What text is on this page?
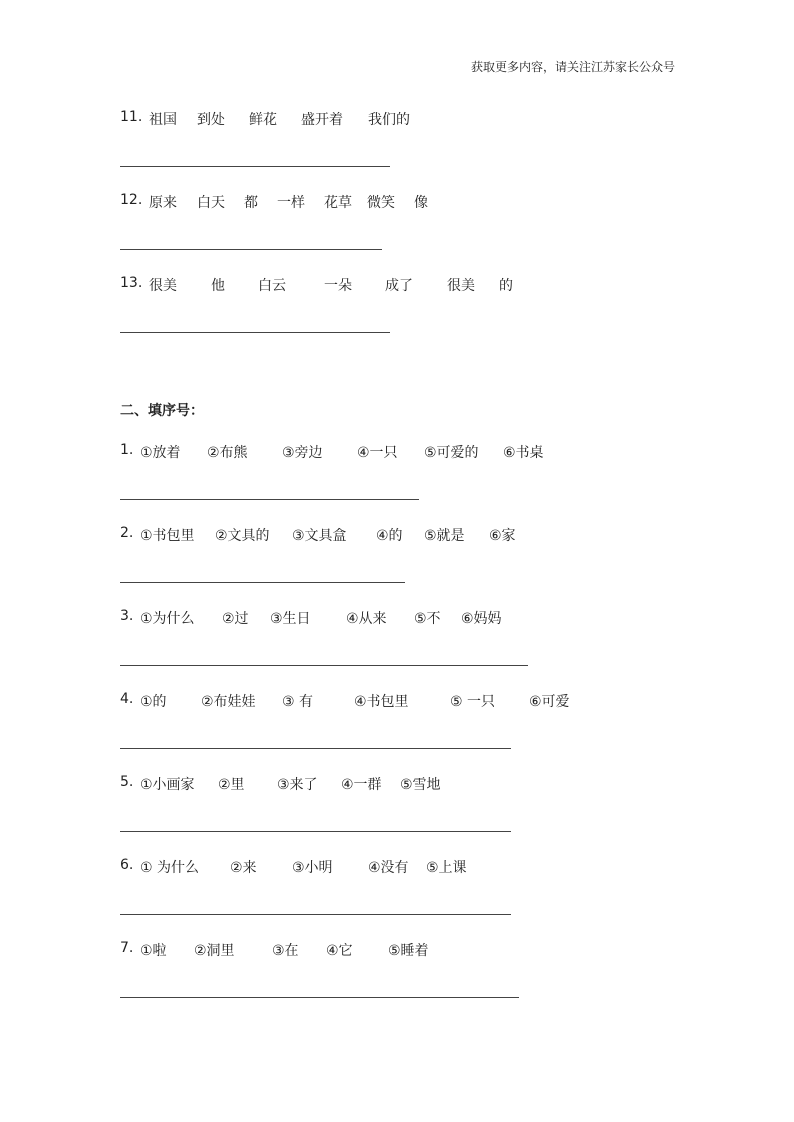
获取更多内容，请关注江苏家长公众号
11. 祖国 到处 鲜花 盛开着 我们的
12. 原来 白天 都 一样 花草 微笑 像
13. 很美 他 白云	一朵 成了 很美 的
二、填序号：
1. ①放着 ②布熊 ③旁边 ④一只 ⑤可爱的 ⑥书桌
2. ①书包里 ②文具的 ③文具盒 ④的 ⑤就是 ⑥家
3. ①为什么 ②过 ③生日	④从来 ⑤不 ⑥妈妈
4. ①的 ②布娃娃 ③ 有	④书包里	⑤ 一只 ⑥可爱
5. ①小画家 ②里 ③来了 ④一群 ⑤雪地
6. ① 为什么 ②来	③小明	④没有 ⑤上课
7. ①啦 ②洞里	③在 ④它	⑤睡着
